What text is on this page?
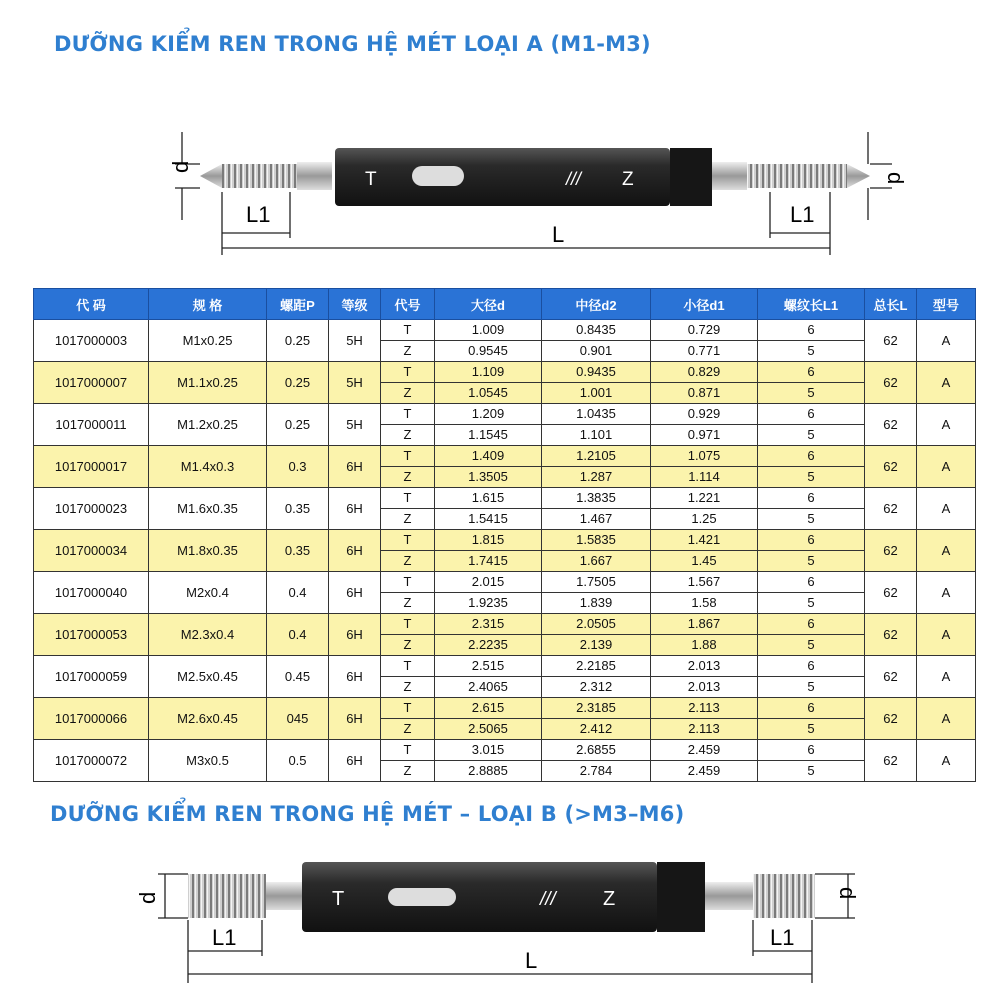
DƯỠNG KIỂM REN TRONG HỆ MÉT LOẠI A (M1-M3)
T	/// Z
d
d
L1	L1
L
代 码	规 格	螺距P	等级	代号	大径d	中径d2	小径d1	螺纹长L1	总长L	型号
1017000003	M1x0.25	0.25	5H	T	1.009	0.8435	0.729	6	62	A
				Z	0.9545	0.901	0.771	5		
1017000007	M1.1x0.25	0.25	5H	T	1.109	0.9435	0.829	6	62	A
				Z	1.0545	1.001	0.871	5		
1017000011	M1.2x0.25	0.25	5H	T	1.209	1.0435	0.929	6	62	A
				Z	1.1545	1.101	0.971	5		
1017000017	M1.4x0.3	0.3	6H	T	1.409	1.2105	1.075	6	62	A
				Z	1.3505	1.287	1.114	5		
1017000023	M1.6x0.35	0.35	6H	T	1.615	1.3835	1.221	6	62	A
				Z	1.5415	1.467	1.25	5		
1017000034	M1.8x0.35	0.35	6H	T	1.815	1.5835	1.421	6	62	A
				Z	1.7415	1.667	1.45	5		
1017000040	M2x0.4	0.4	6H	T	2.015	1.7505	1.567	6	62	A
				Z	1.9235	1.839	1.58	5		
1017000053	M2.3x0.4	0.4	6H	T	2.315	2.0505	1.867	6	62	A
				Z	2.2235	2.139	1.88	5		
1017000059	M2.5x0.45	0.45	6H	T	2.515	2.2185	2.013	6	62	A
				Z	2.4065	2.312	2.013	5		
1017000066	M2.6x0.45	045	6H	T	2.615	2.3185	2.113	6	62	A
				Z	2.5065	2.412	2.113	5		
1017000072	M3x0.5	0.5	6H	T	3.015	2.6855	2.459	6	62	A
				Z	2.8885	2.784	2.459	5		
DƯỠNG KIỂM REN TRONG HỆ MÉT – LOẠI B (>M3–M6)
T	/// Z
d	d
L1	L1
L
